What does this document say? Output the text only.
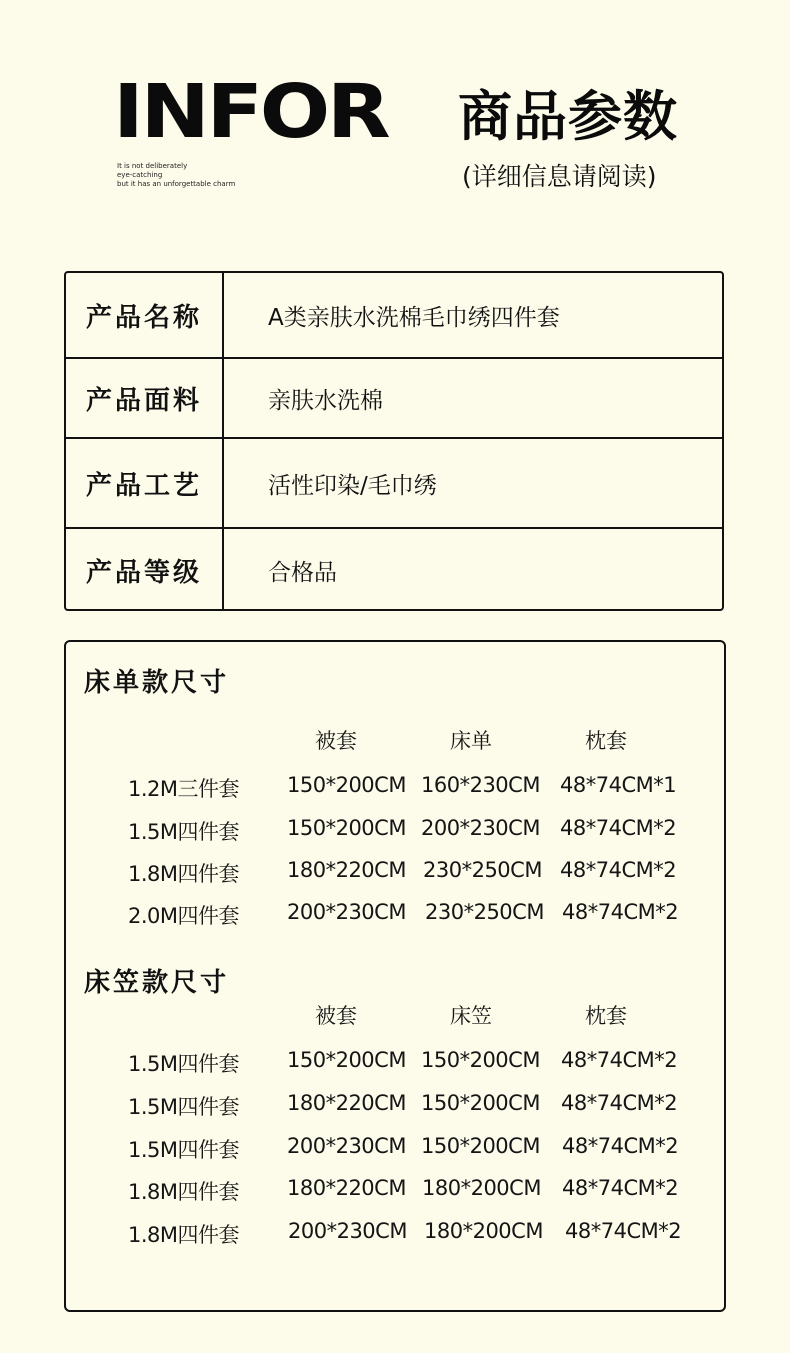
INFOR
It is not deliberately
eye-catching
but it has an unforgettable charm
商品参数
(详细信息请阅读)
产品名称	A类亲肤水洗棉毛巾绣四件套
产品面料	亲肤水洗棉
产品工艺	活性印染/毛巾绣
产品等级	合格品
床单款尺寸
被套	床单	枕套
1.2M三件套 150*200CM 160*230CM 48*74CM*1
1.5M四件套 150*200CM 200*230CM 48*74CM*2
1.8M四件套 180*220CM 230*250CM 48*74CM*2
2.0M四件套 200*230CM 230*250CM 48*74CM*2
床笠款尺寸
被套	床笠	枕套
1.5M四件套 150*200CM 150*200CM 48*74CM*2
1.5M四件套 180*220CM 150*200CM 48*74CM*2
1.5M四件套 200*230CM 150*200CM 48*74CM*2
1.8M四件套 180*220CM 180*200CM 48*74CM*2
1.8M四件套 200*230CM 180*200CM 48*74CM*2
